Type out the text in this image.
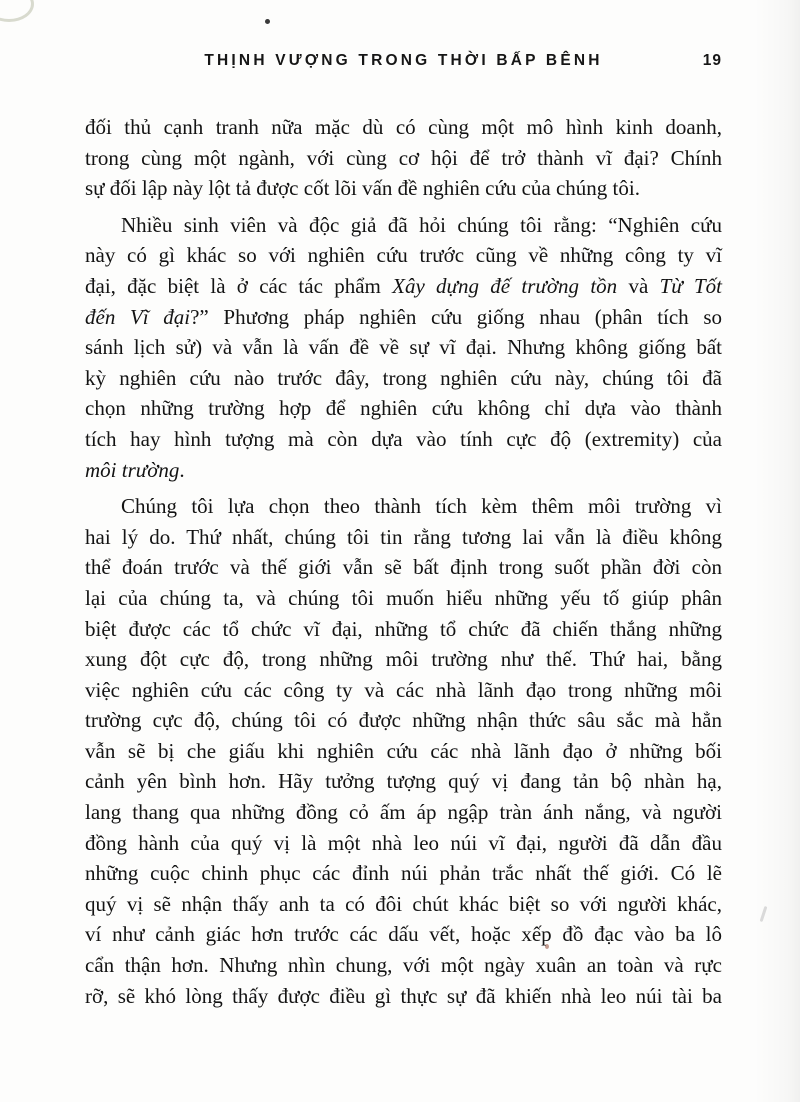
THỊNH VƯỢNG TRONG THỜI BẤP BÊNH	19
đối thủ cạnh tranh nữa mặc dù có cùng một mô hình kinh doanh,
trong cùng một ngành, với cùng cơ hội để trở thành vĩ đại? Chính
sự đối lập này lột tả được cốt lõi vấn đề nghiên cứu của chúng tôi.
Nhiều sinh viên và độc giả đã hỏi chúng tôi rằng: “Nghiên cứu
này có gì khác so với nghiên cứu trước cũng về những công ty vĩ
đại, đặc biệt là ở các tác phẩm Xây dựng đế trường tồn và Từ Tốt
đến Vĩ đại?” Phương pháp nghiên cứu giống nhau (phân tích so
sánh lịch sử) và vẫn là vấn đề về sự vĩ đại. Nhưng không giống bất
kỳ nghiên cứu nào trước đây, trong nghiên cứu này, chúng tôi đã
chọn những trường hợp để nghiên cứu không chỉ dựa vào thành
tích hay hình tượng mà còn dựa vào tính cực độ (extremity) của
môi trường.
Chúng tôi lựa chọn theo thành tích kèm thêm môi trường vì
hai lý do. Thứ nhất, chúng tôi tin rằng tương lai vẫn là điều không
thể đoán trước và thế giới vẫn sẽ bất định trong suốt phần đời còn
lại của chúng ta, và chúng tôi muốn hiểu những yếu tố giúp phân
biệt được các tổ chức vĩ đại, những tổ chức đã chiến thắng những
xung đột cực độ, trong những môi trường như thế. Thứ hai, bằng
việc nghiên cứu các công ty và các nhà lãnh đạo trong những môi
trường cực độ, chúng tôi có được những nhận thức sâu sắc mà hẳn
vẫn sẽ bị che giấu khi nghiên cứu các nhà lãnh đạo ở những bối
cảnh yên bình hơn. Hãy tưởng tượng quý vị đang tản bộ nhàn hạ,
lang thang qua những đồng cỏ ấm áp ngập tràn ánh nắng, và người
đồng hành của quý vị là một nhà leo núi vĩ đại, người đã dẫn đầu
những cuộc chinh phục các đỉnh núi phản trắc nhất thế giới. Có lẽ
quý vị sẽ nhận thấy anh ta có đôi chút khác biệt so với người khác,
ví như cảnh giác hơn trước các dấu vết, hoặc xếp đồ đạc vào ba lô
cẩn thận hơn. Nhưng nhìn chung, với một ngày xuân an toàn và rực
rỡ, sẽ khó lòng thấy được điều gì thực sự đã khiến nhà leo núi tài ba
